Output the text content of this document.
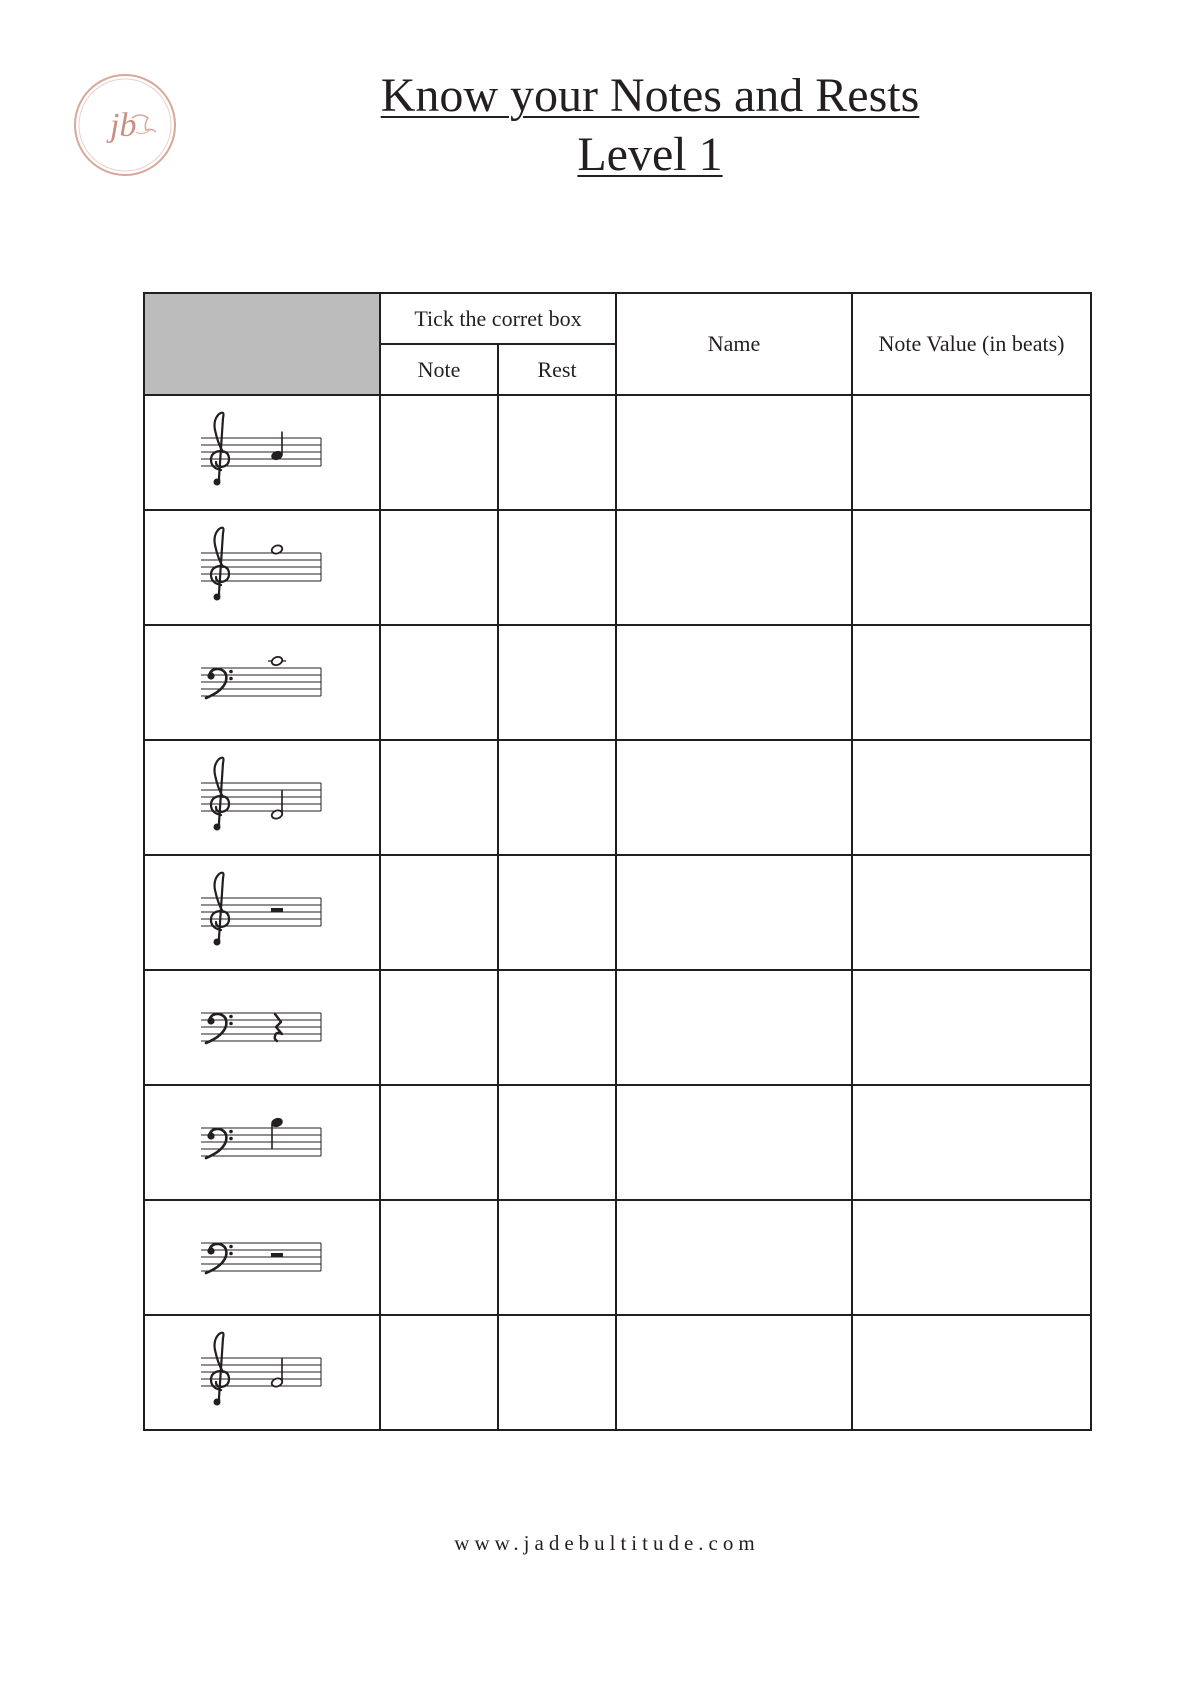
jb
Know your Notes and Rests
Level 1
	Tick the corret box		Name	Note Value (in beats)
	Note	Rest		

www.jadebultitude.com
